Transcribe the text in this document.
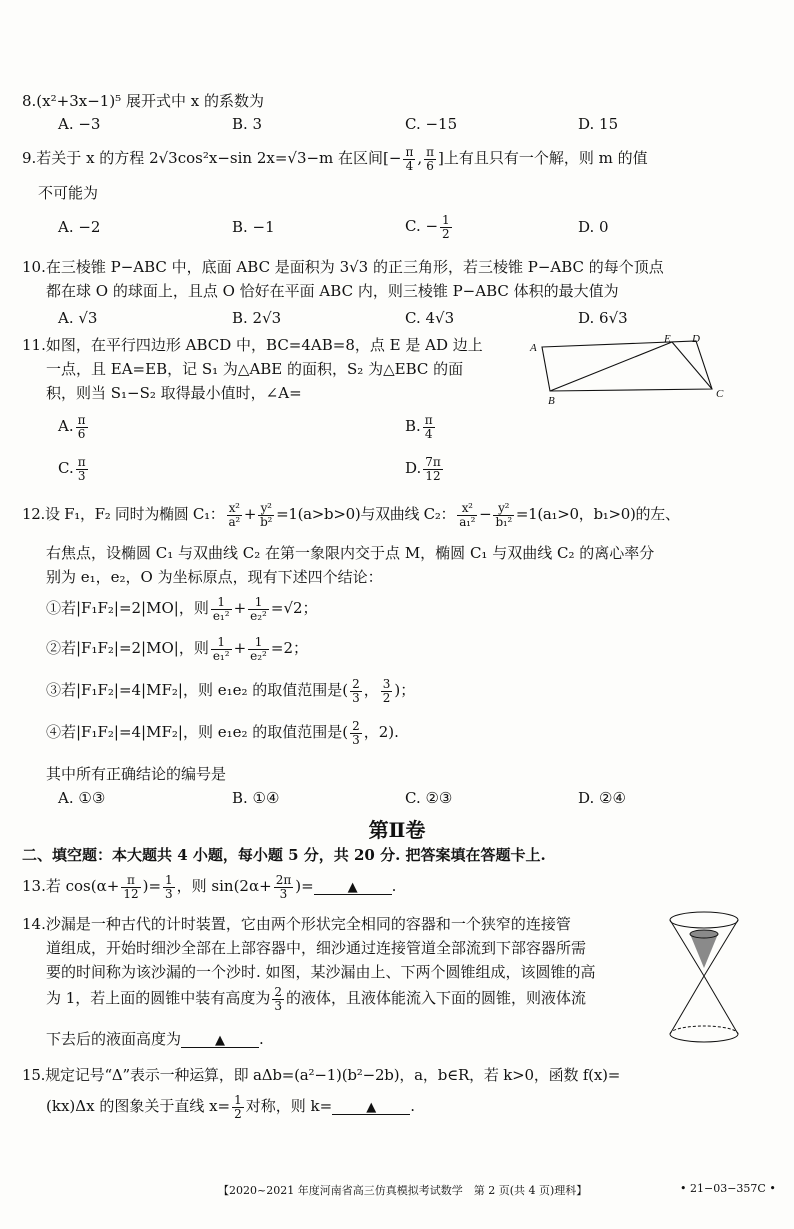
8.(x²+3x−1)⁵ 展开式中 x 的系数为
A. −3	B. 3	C. −15	D. 15
9.若关于 x 的方程 2√3cos²x−sin 2x=√3−m 在区间[− $\frac{\pi}{4}$ , $\frac{\pi}{6}$ ]上有且只有一个解，则 m 的值
不可能为
A. −2	B. −1	C. − $\frac{1}{2}$	D. 0
10.在三棱锥 P−ABC 中，底面 ABC 是面积为 3√3 的正三角形，若三棱锥 P−ABC 的每个顶点
都在球 O 的球面上，且点 O 恰好在平面 ABC 内，则三棱锥 P−ABC 体积的最大值为
A. √3	B. 2√3	C. 4√3	D. 6√3
11.如图，在平行四边形 ABCD 中，BC=4AB=8，点 E 是 AD 边上
一点，且 EA=EB，记 S₁ 为△ABE 的面积，S₂ 为△EBC 的面
积，则当 S₁−S₂ 取得最小值时，∠A=
A
B
C
D
E
A. $\frac{\pi}{6}$	B. $\frac{\pi}{4}$
C. $\frac{\pi}{3}$	D. $\frac{7\pi}{12}$
12.设 F₁，F₂ 同时为椭圆 C₁： $\frac{\text{x²}}{\text{a²}} + \frac{\text{y²}}{\text{b²}} =1(a>b>0)$与双曲线 C₂： $\frac{\text{x²}}{\text{a₁²}} - \frac{\text{y²}}{\text{b₁²}} =1(a_1>0$，b₁>0)的左、
右焦点，设椭圆 C₁ 与双曲线 C₂ 在第一象限内交于点 M，椭圆 C₁ 与双曲线 C₂ 的离心率分
别为 e₁，e₂，O 为坐标原点，现有下述四个结论：
①若|F₁F₂|=2|MO|，则 $\frac{1}{\text{e₁²}} + \frac{1}{\text{e₂²}} =√2$；
②若|F₁F₂|=2|MO|，则 $\frac{1}{\text{e₁²}} + \frac{1}{\text{e₂²}} =2$；
③若|F₁F₂|=4|MF₂|，则 e₁e₂ 的取值范围是( $\frac{2}{3}$ ， $\frac{3}{2}$ )；
④若|F₁F₂|=4|MF₂|，则 e₁e₂ 的取值范围是( $\frac{2}{3}$ ，2).
其中所有正确结论的编号是
A. ①③	B. ①④	C. ②③	D. ②④
第Ⅱ卷
二、填空题：本大题共 4 小题，每小题 5 分，共 20 分. 把答案填在答题卡上.
13.若 $\cos(\alpha+ \frac{\pi}{12}$ )= $\frac{1}{3}$ ，则 $\sin(2\alpha+ \frac{2\pi}{3}$ )=	▲ .
14.沙漏是一种古代的计时装置，它由两个形状完全相同的容器和一个狭窄的连接管
道组成，开始时细沙全部在上部容器中，细沙通过连接管道全部流到下部容器所需
要的时间称为该沙漏的一个沙时. 如图，某沙漏由上、下两个圆锥组成，该圆锥的高
为 1，若上面的圆锥中装有高度为 $\frac{2}{3}$ 的液体，且液体能流入下面的圆锥，则液体流
下去后的液面高度为	▲ .
15.规定记号“Δ”表示一种运算，即 aΔb=(a²−1)(b²−2b)，a，b∈R，若 k>0，函数 f(x)=
(kx)Δx 的图象关于直线 $x= \frac{1}{2}$ 对称，则 k=	▲ .
【2020~2021 年度河南省高三仿真模拟考试数学　第 2 页(共 4 页)理科】	• 21−03−357C •
